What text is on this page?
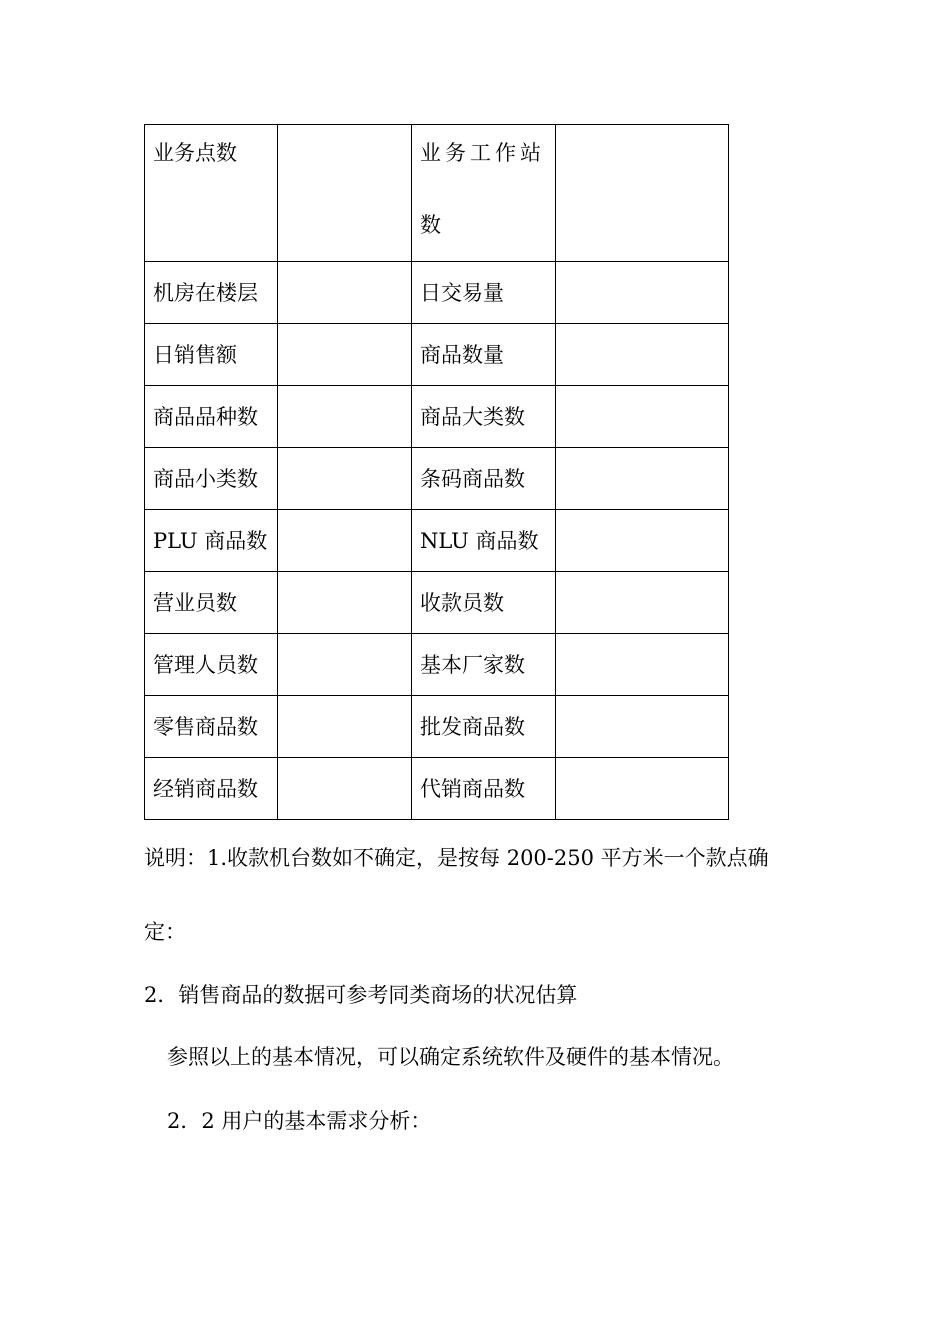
业务点数		业务工作站数	

机房在楼层		日交易量	
日销售额		商品数量	
商品品种数		商品大类数	
商品小类数		条码商品数	
PLU 商品数		NLU 商品数	
营业员数		收款员数	
管理人员数		基本厂家数	
零售商品数		批发商品数	
经销商品数		代销商品数	
说明：1.收款机台数如不确定，是按每 200-250 平方米一个款点确
定：
2．销售商品的数据可参考同类商场的状况估算
参照以上的基本情况，可以确定系统软件及硬件的基本情况。
2．2 用户的基本需求分析：
